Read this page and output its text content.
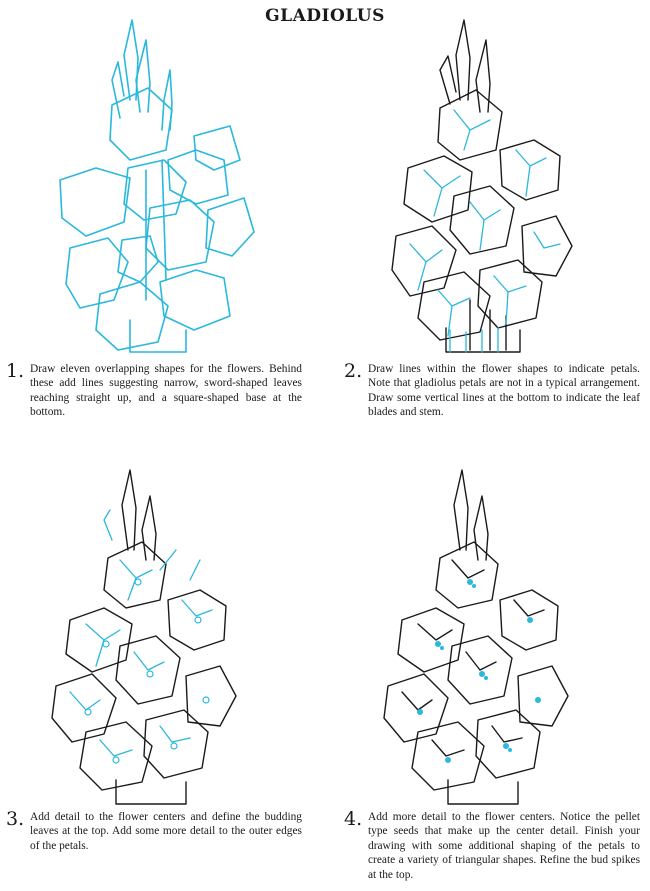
GLADIOLUS
1. Draw eleven overlapping shapes for the flowers. Behind these add lines suggesting narrow, sword-shaped leaves reaching straight up, and a square-shaped base at the bottom.
2. Draw lines within the flower shapes to indicate petals. Note that gladiolus petals are not in a typical arrangement. Draw some vertical lines at the bottom to indicate the leaf blades and stem.
3. Add detail to the flower centers and define the budding leaves at the top. Add some more detail to the outer edges of the petals.
4. Add more detail to the flower centers. Notice the pellet type seeds that make up the center detail. Finish your drawing with some additional shaping of the petals to create a variety of triangular shapes. Refine the bud spikes at the top.
